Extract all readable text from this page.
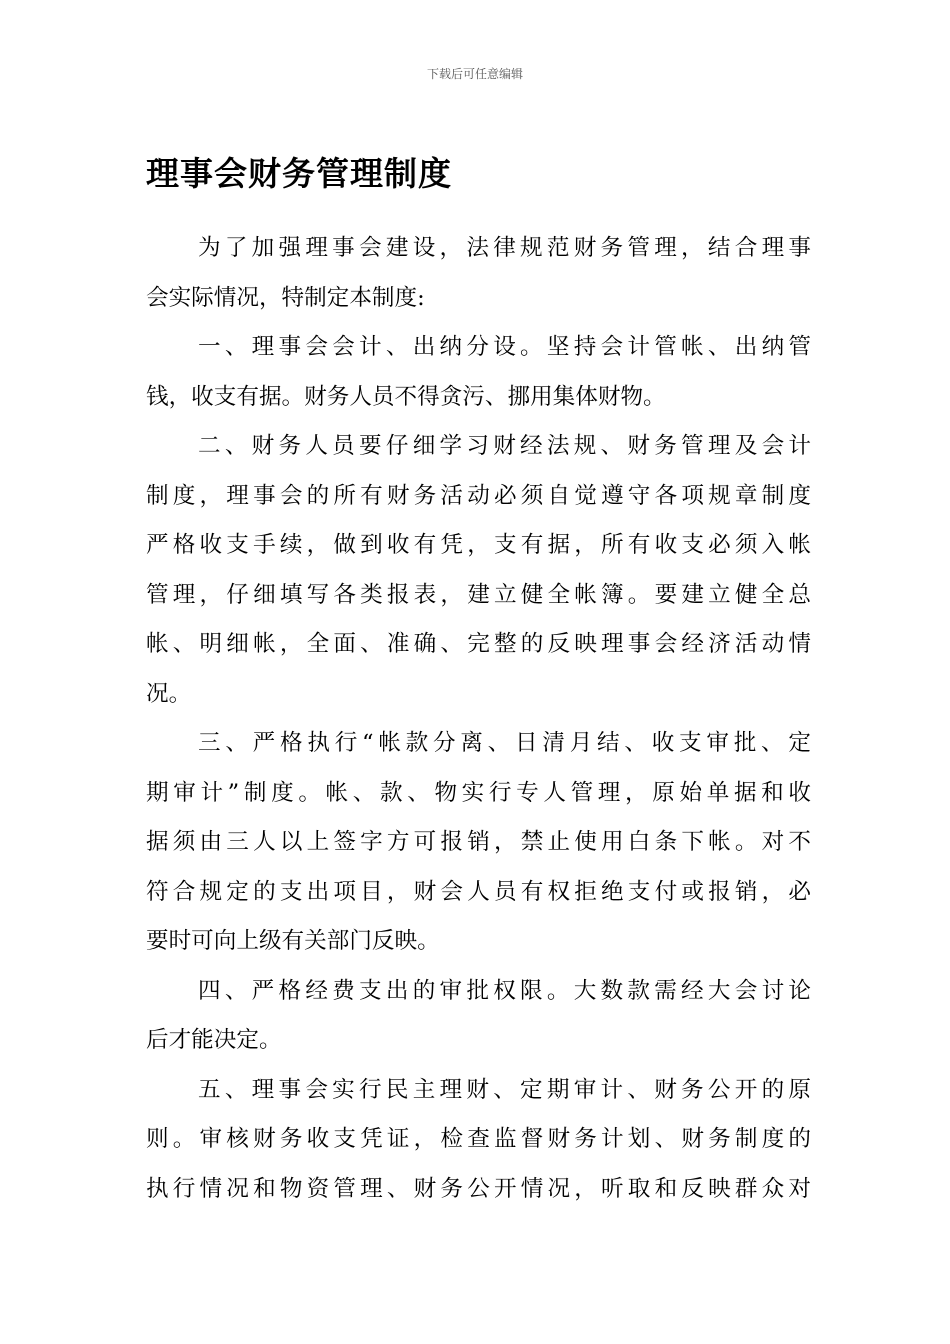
下载后可任意编辑
理事会财务管理制度
为了加强理事会建设，法律规范财务管理，结合理事
会实际情况，特制定本制度:
一、理事会会计、出纳分设。坚持会计管帐、出纳管
钱，收支有据。财务人员不得贪污、挪用集体财物。
二、财务人员要仔细学习财经法规、财务管理及会计
制度，理事会的所有财务活动必须自觉遵守各项规章制度
严格收支手续，做到收有凭，支有据，所有收支必须入帐
管理，仔细填写各类报表，建立健全帐簿。要建立健全总
帐、明细帐，全面、准确、完整的反映理事会经济活动情
况。
三、严格执行“帐款分离、日清月结、收支审批、定
期审计”制度。帐、款、物实行专人管理，原始单据和收
据须由三人以上签字方可报销，禁止使用白条下帐。对不
符合规定的支出项目，财会人员有权拒绝支付或报销，必
要时可向上级有关部门反映。
四、严格经费支出的审批权限。大数款需经大会讨论
后才能决定。
五、理事会实行民主理财、定期审计、财务公开的原
则。审核财务收支凭证，检查监督财务计划、财务制度的
执行情况和物资管理、财务公开情况，听取和反映群众对
